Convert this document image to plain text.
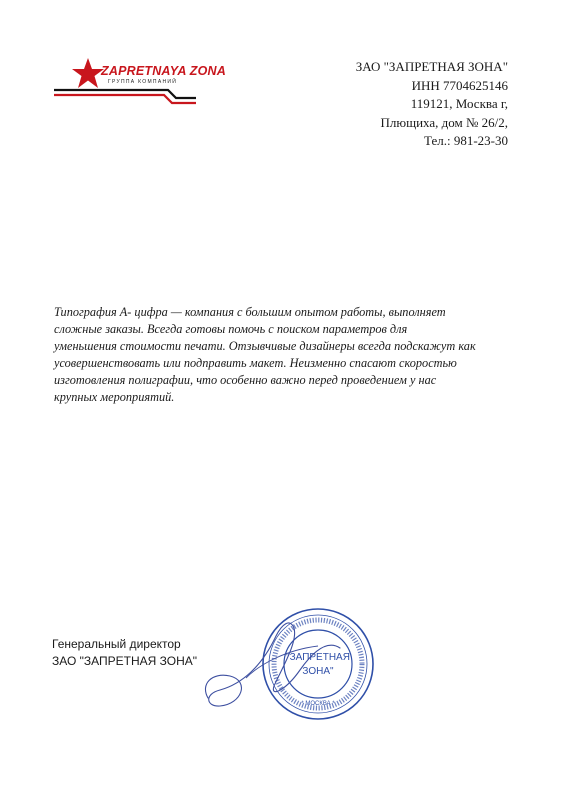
ZAPRETNAYA ZONA
ГРУППА КОМПАНИЙ
ЗАО "ЗАПРЕТНАЯ ЗОНА"
ИНН 7704625146
119121, Москва г,
Плющиха, дом № 26/2,
Тел.: 981-23-30
Типография А- цифра — компания с большим опытом работы, выполняет
сложные заказы. Всегда готовы помочь с поиском параметров для
уменьшения стоимости печати. Отзывчивые дизайнеры всегда подскажут как
усовершенствовать или подправить макет. Неизменно спасают скоростью
изготовления полиграфии, что особенно важно перед проведением у нас
крупных мероприятий.
Генеральный директор
ЗАО "ЗАПРЕТНАЯ ЗОНА"	"ЗАПРЕТНАЯ
ЗОНА"
* МОСКВА *
